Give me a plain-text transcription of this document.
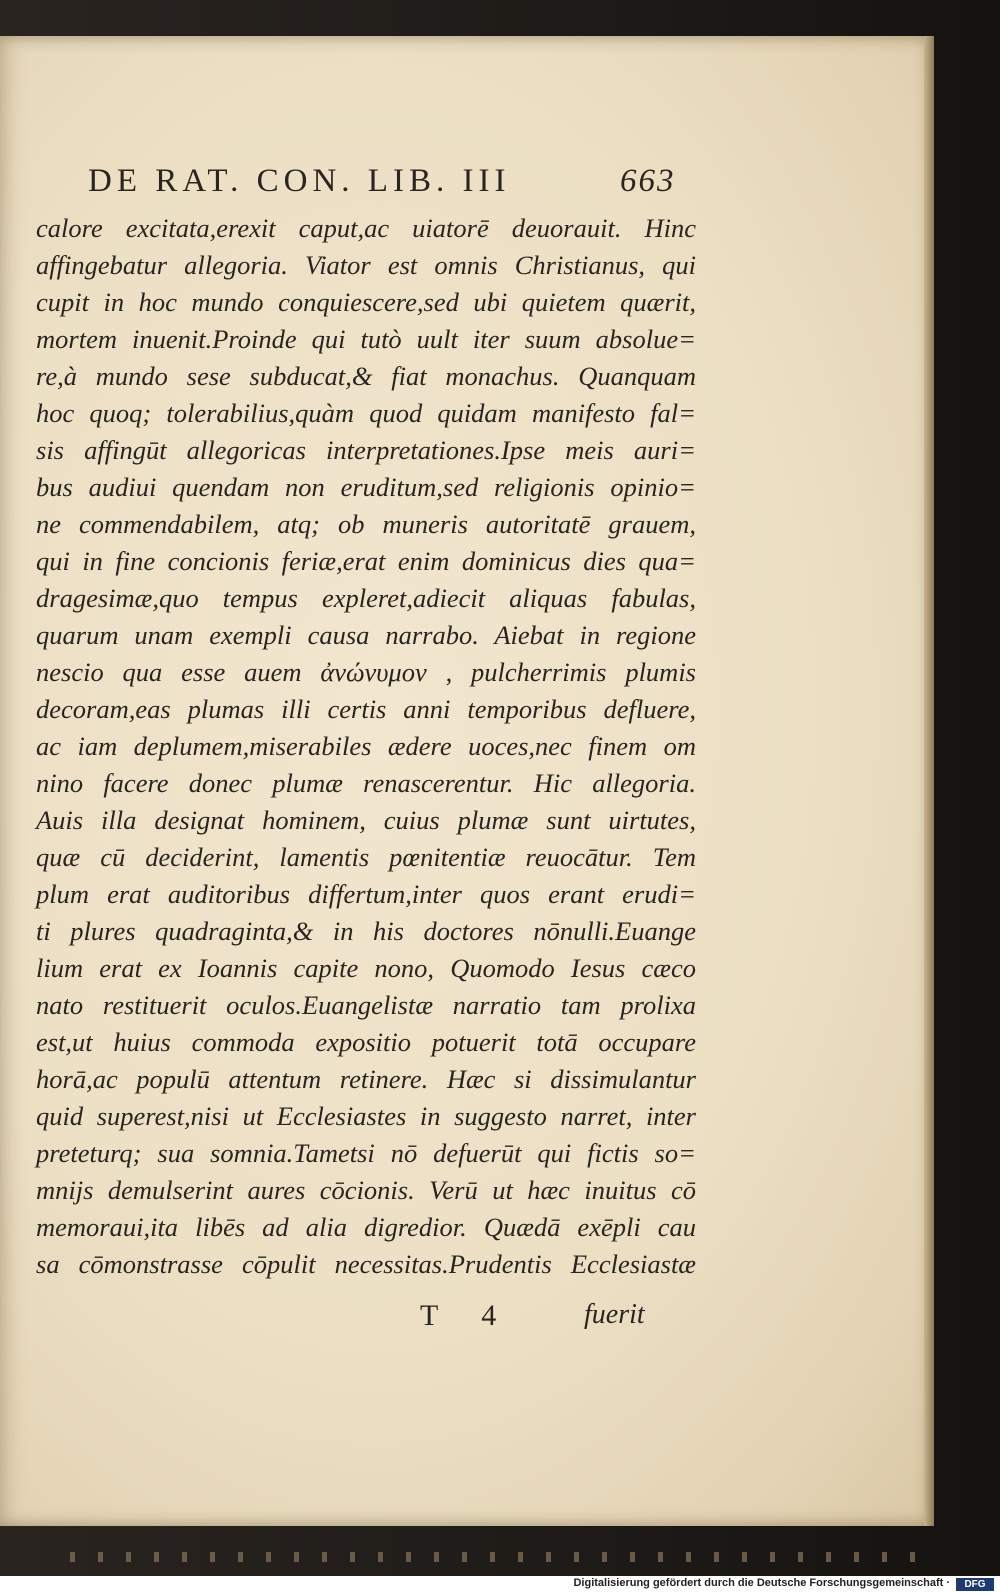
DE RAT. CON. LIB. III	663
calore excitata,erexit caput,ac uiatorē deuorauit. Hinc
affingebatur allegoria. Viator est omnis Christianus, qui
cupit in hoc mundo conquiescere,sed ubi quietem quærit,
mortem inuenit.Proinde qui tutò uult iter suum absolue=
re,à mundo sese subducat,& fiat monachus. Quanquam
hoc quoq; tolerabilius,quàm quod quidam manifesto fal=
sis affingūt allegoricas interpretationes.Ipse meis auri=
bus audiui quendam non eruditum,sed religionis opinio=
ne commendabilem, atq; ob muneris autoritatē grauem,
qui in fine concionis feriæ,erat enim dominicus dies qua=
dragesimæ,quo tempus expleret,adiecit aliquas fabulas,
quarum unam exempli causa narrabo. Aiebat in regione
nescio qua esse auem ἀνώνυμον , pulcherrimis plumis
decoram,eas plumas illi certis anni temporibus defluere,
ac iam deplumem,miserabiles ædere uoces,nec finem om
nino facere donec plumæ renascerentur. Hic allegoria.
Auis illa designat hominem, cuius plumæ sunt uirtutes,
quæ cū deciderint, lamentis pœnitentiæ reuocātur. Tem
plum erat auditoribus differtum,inter quos erant erudi=
ti plures quadraginta,& in his doctores nōnulli.Euange
lium erat ex Ioannis capite nono, Quomodo Iesus cæco
nato restituerit oculos.Euangelistæ narratio tam prolixa
est,ut huius commoda expositio potuerit totā occupare
horā,ac populū attentum retinere. Hæc si dissimulantur
quid superest,nisi ut Ecclesiastes in suggesto narret, inter
preteturq; sua somnia.Tametsi nō defuerūt qui fictis so=
mnijs demulserint aures cōcionis. Verū ut hæc inuitus cō
memoraui,ita libēs ad alia digredior. Quædā exēpli cau
sa cōmonstrasse cōpulit necessitas.Prudentis Ecclesiastæ
T 4 fuerit
Digitalisierung gefördert durch die Deutsche Forschungsgemeinschaft ·	DFG
